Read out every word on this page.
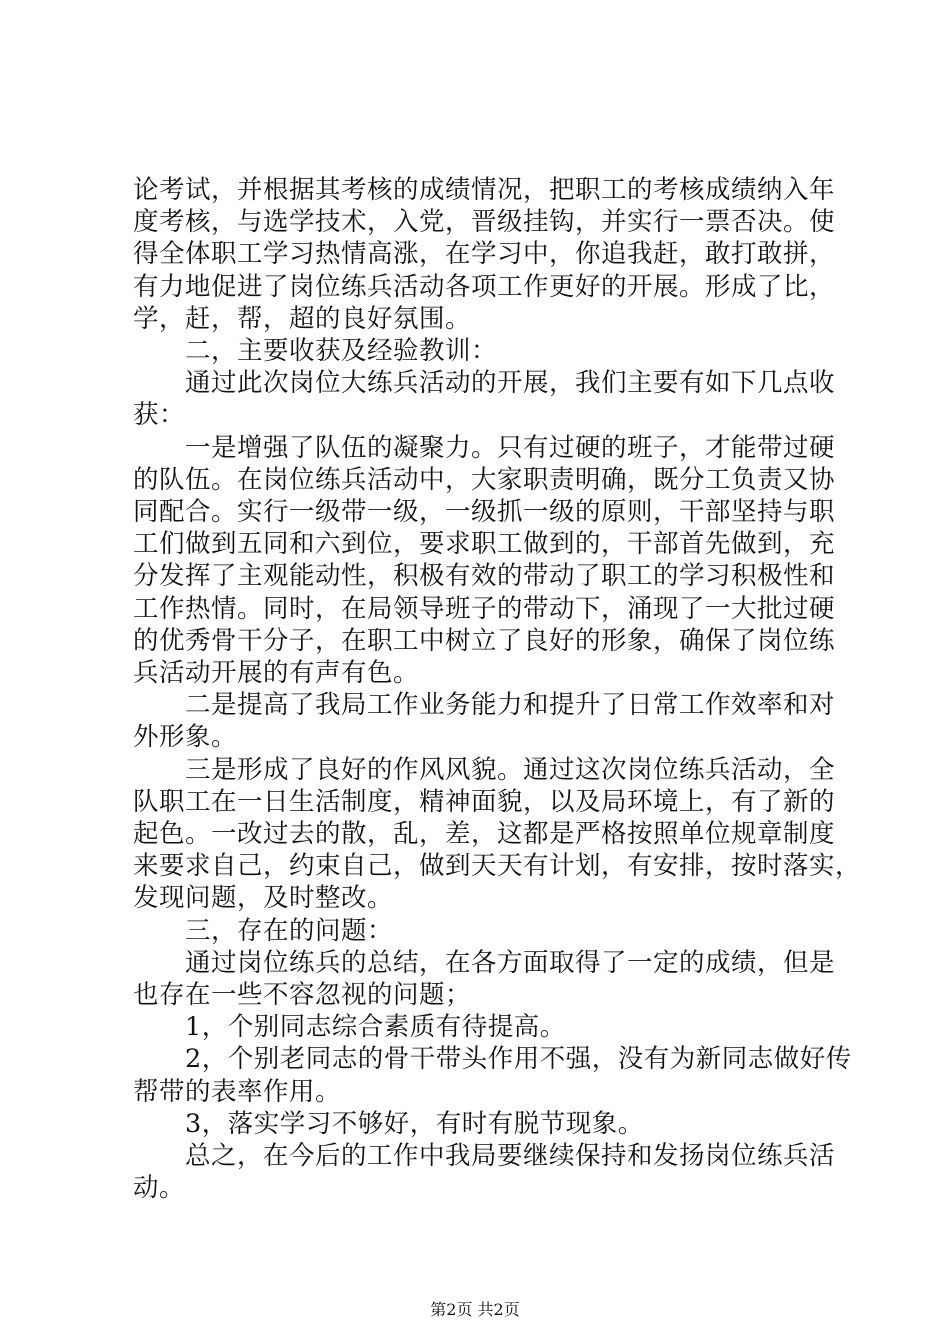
论考试，并根据其考核的成绩情况，把职工的考核成绩纳入年
度考核，与选学技术，入党，晋级挂钩，并实行一票否决。使
得全体职工学习热情高涨，在学习中，你追我赶，敢打敢拼，
有力地促进了岗位练兵活动各项工作更好的开展。形成了比，
学，赶，帮，超的良好氛围。
　　二，主要收获及经验教训：
　　通过此次岗位大练兵活动的开展，我们主要有如下几点收
获：
　　一是增强了队伍的凝聚力。只有过硬的班子，才能带过硬
的队伍。在岗位练兵活动中，大家职责明确，既分工负责又协
同配合。实行一级带一级，一级抓一级的原则，干部坚持与职
工们做到五同和六到位，要求职工做到的，干部首先做到，充
分发挥了主观能动性，积极有效的带动了职工的学习积极性和
工作热情。同时，在局领导班子的带动下，涌现了一大批过硬
的优秀骨干分子，在职工中树立了良好的形象，确保了岗位练
兵活动开展的有声有色。
　　二是提高了我局工作业务能力和提升了日常工作效率和对
外形象。
　　三是形成了良好的作风风貌。通过这次岗位练兵活动，全
队职工在一日生活制度，精神面貌，以及局环境上，有了新的
起色。一改过去的散，乱，差，这都是严格按照单位规章制度
来要求自己，约束自己，做到天天有计划，有安排，按时落实，
发现问题，及时整改。
　　三，存在的问题：
　　通过岗位练兵的总结，在各方面取得了一定的成绩，但是
也存在一些不容忽视的问题；
　　1，个别同志综合素质有待提高。
　　2，个别老同志的骨干带头作用不强，没有为新同志做好传
帮带的表率作用。
　　3，落实学习不够好，有时有脱节现象。
　　总之，在今后的工作中我局要继续保持和发扬岗位练兵活
动。
第2页 共2页
